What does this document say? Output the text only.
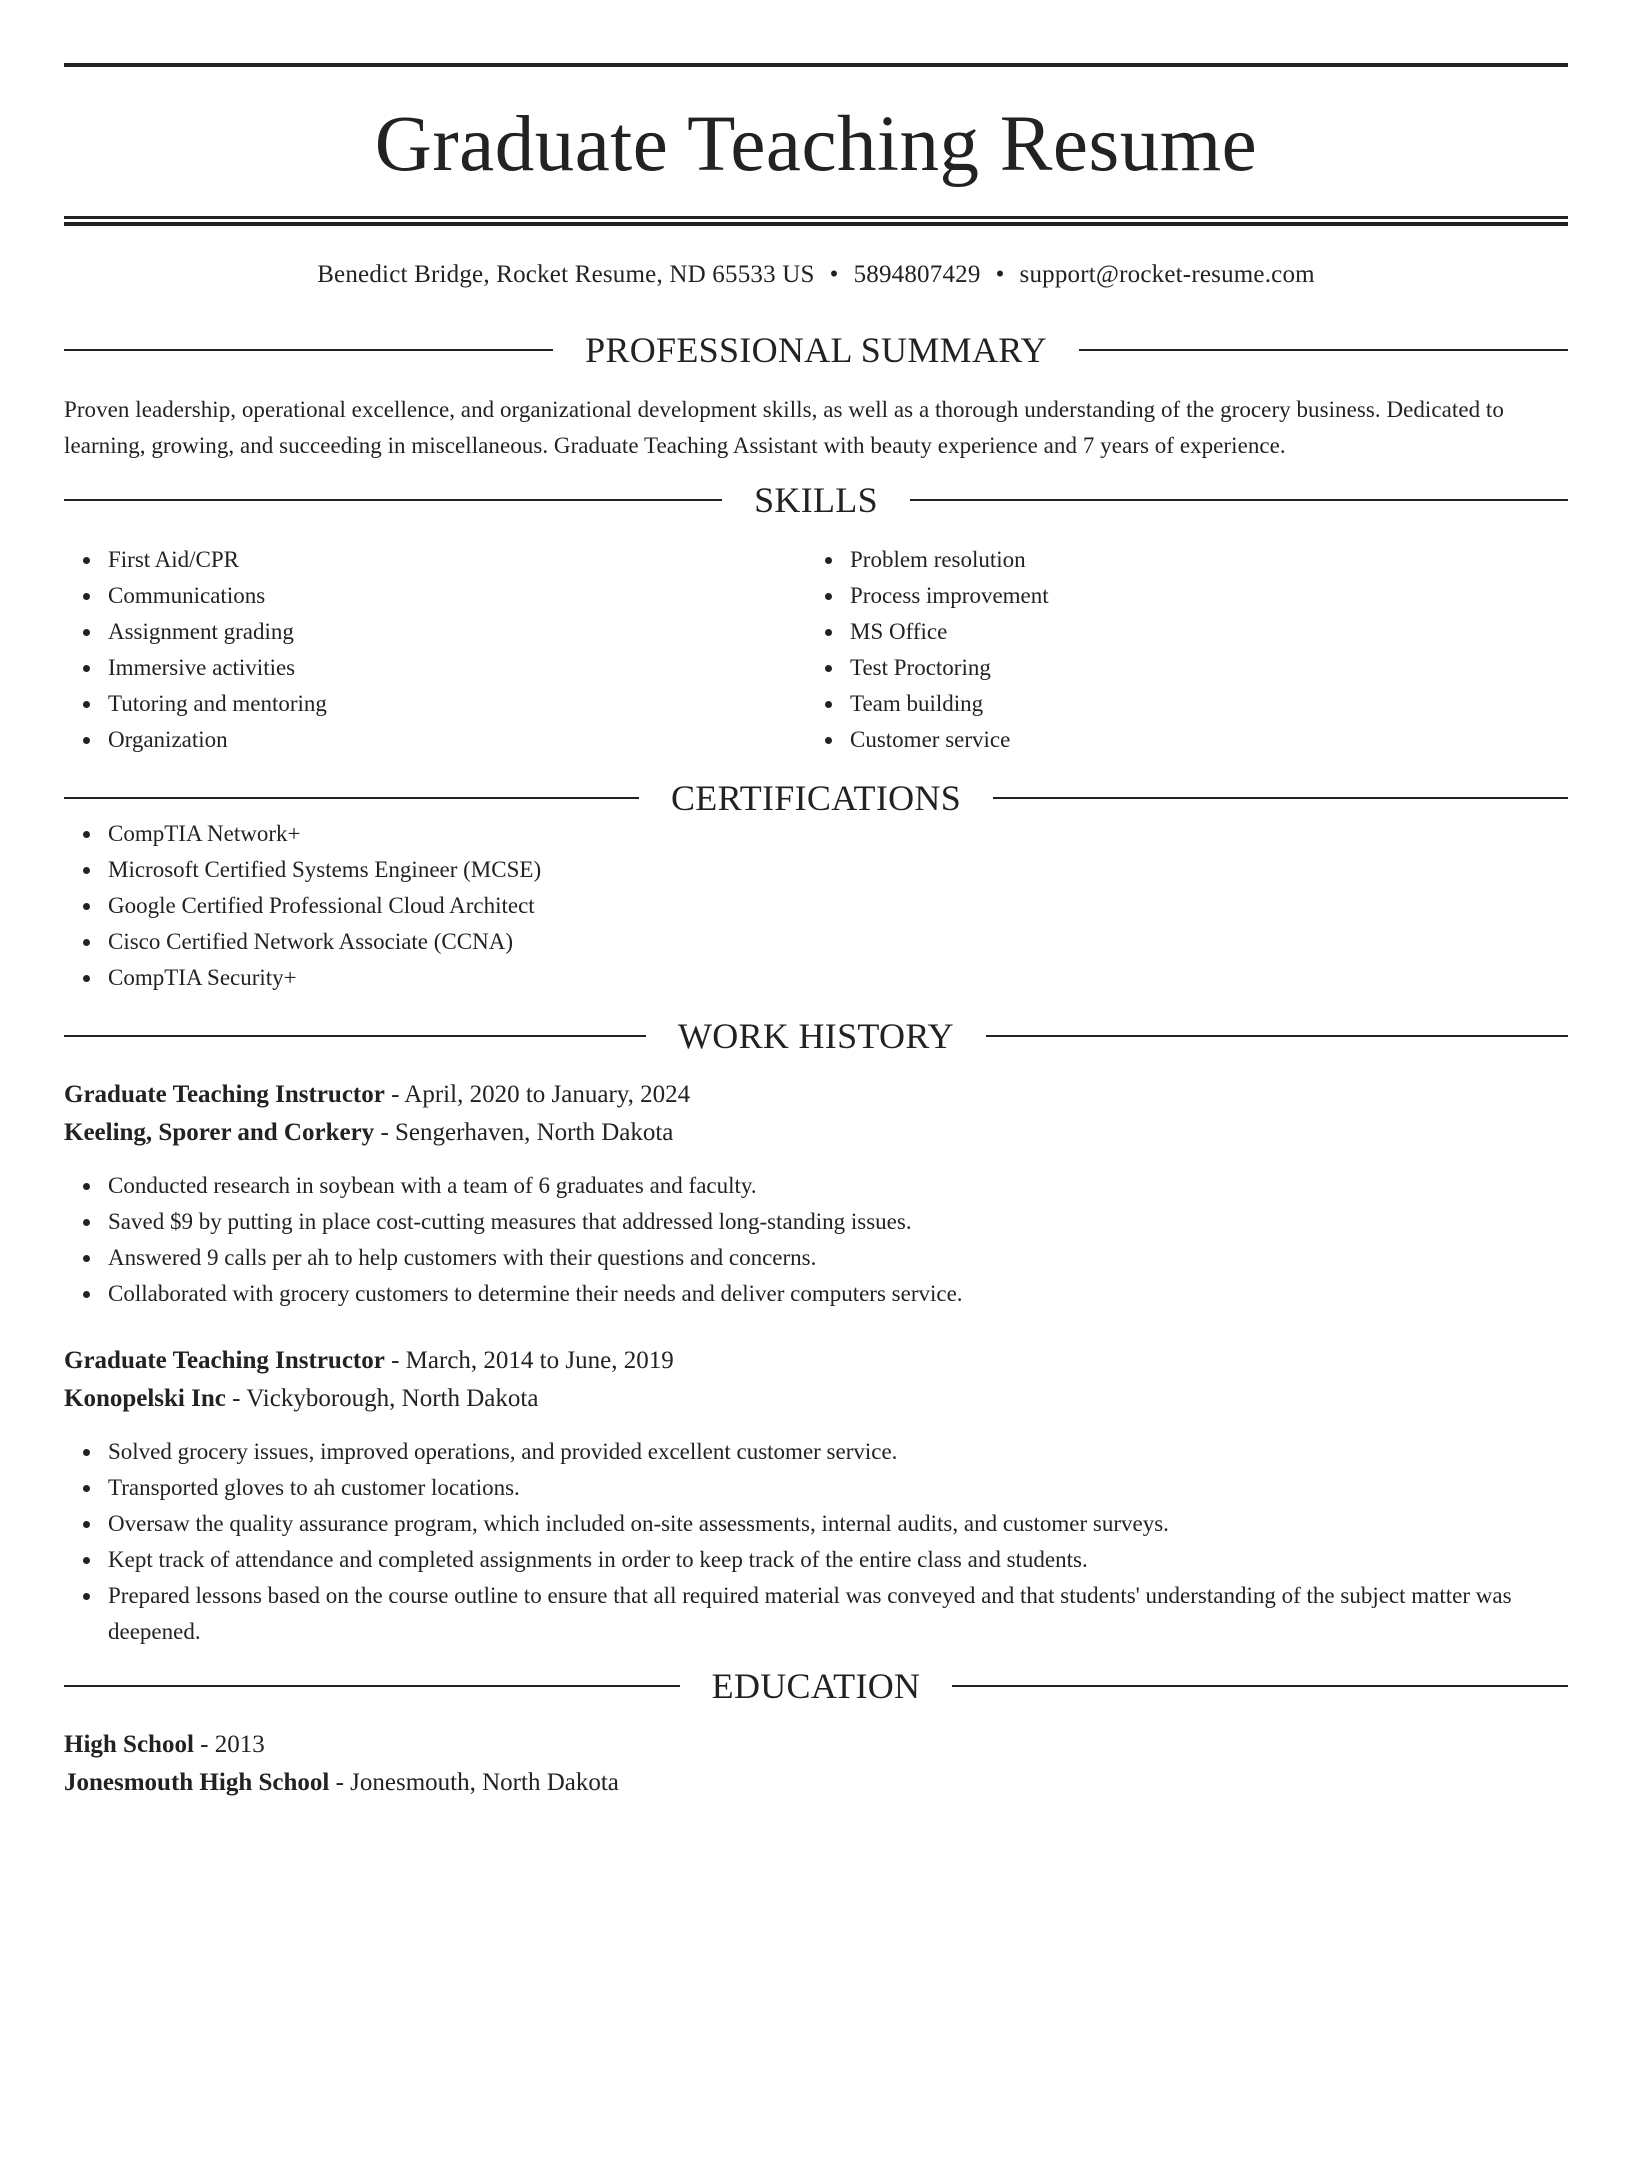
Graduate Teaching Resume
Benedict Bridge, Rocket Resume, ND 65533 US • 5894807429 • support@rocket-resume.com
PROFESSIONAL SUMMARY
Proven leadership, operational excellence, and organizational development skills, as well as a thorough understanding of the grocery business. Dedicated to learning, growing, and succeeding in miscellaneous. Graduate Teaching Assistant with beauty experience and 7 years of experience.
SKILLS
First Aid/CPR
Communications
Assignment grading
Immersive activities
Tutoring and mentoring
Organization
Problem resolution
Process improvement
MS Office
Test Proctoring
Team building
Customer service
CERTIFICATIONS
CompTIA Network+
Microsoft Certified Systems Engineer (MCSE)
Google Certified Professional Cloud Architect
Cisco Certified Network Associate (CCNA)
CompTIA Security+
WORK HISTORY
Graduate Teaching Instructor - April, 2020 to January, 2024
Keeling, Sporer and Corkery - Sengerhaven, North Dakota
Conducted research in soybean with a team of 6 graduates and faculty.
Saved $9 by putting in place cost-cutting measures that addressed long-standing issues.
Answered 9 calls per ah to help customers with their questions and concerns.
Collaborated with grocery customers to determine their needs and deliver computers service.
Graduate Teaching Instructor - March, 2014 to June, 2019
Konopelski Inc - Vickyborough, North Dakota
Solved grocery issues, improved operations, and provided excellent customer service.
Transported gloves to ah customer locations.
Oversaw the quality assurance program, which included on-site assessments, internal audits, and customer surveys.
Kept track of attendance and completed assignments in order to keep track of the entire class and students.
Prepared lessons based on the course outline to ensure that all required material was conveyed and that students' understanding of the subject matter was deepened.
EDUCATION
High School - 2013
Jonesmouth High School - Jonesmouth, North Dakota
